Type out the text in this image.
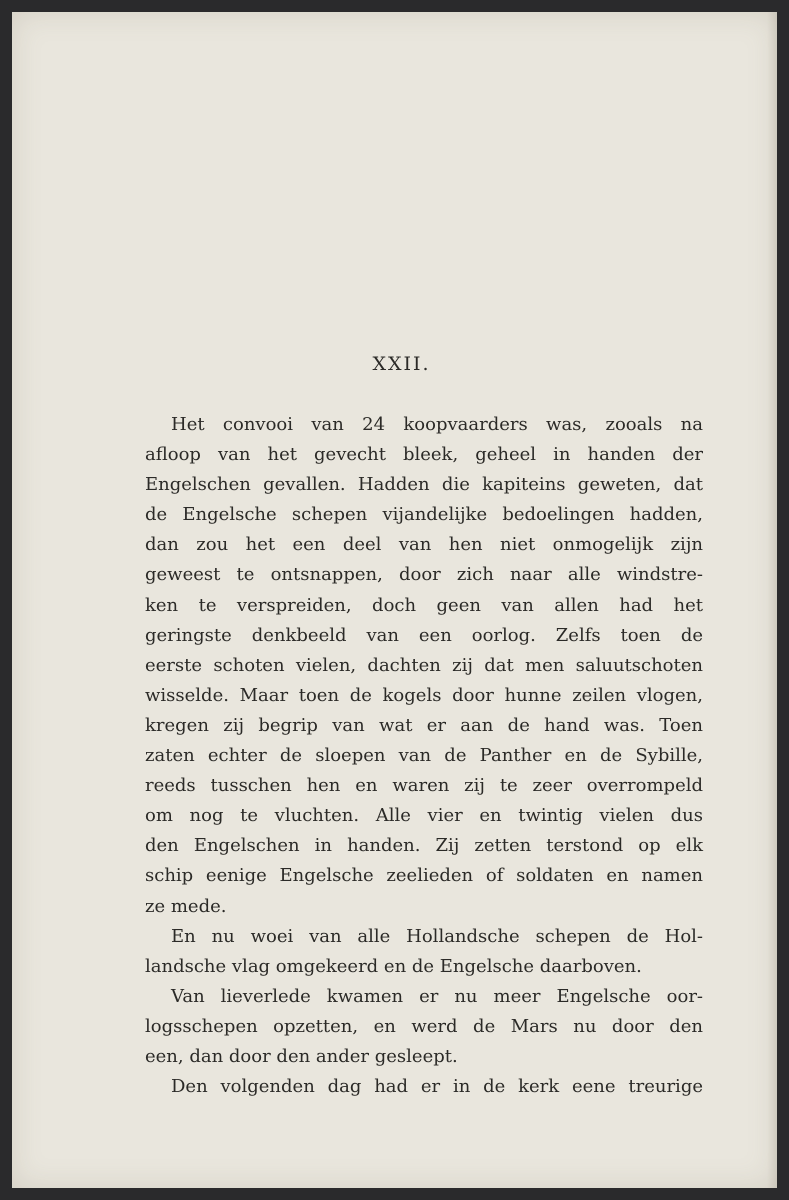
XXII.
Het convooi van 24 koopvaarders was, zooals na
afloop van het gevecht bleek, geheel in handen der
Engelschen gevallen. Hadden die kapiteins geweten, dat
de Engelsche schepen vijandelijke bedoelingen hadden,
dan zou het een deel van hen niet onmogelijk zijn
geweest te ontsnappen, door zich naar alle windstre-
ken te verspreiden, doch geen van allen had het
geringste denkbeeld van een oorlog. Zelfs toen de
eerste schoten vielen, dachten zij dat men saluutschoten
wisselde. Maar toen de kogels door hunne zeilen vlogen,
kregen zij begrip van wat er aan de hand was. Toen
zaten echter de sloepen van de Panther en de Sybille,
reeds tusschen hen en waren zij te zeer overrompeld
om nog te vluchten. Alle vier en twintig vielen dus
den Engelschen in handen. Zij zetten terstond op elk
schip eenige Engelsche zeelieden of soldaten en namen
ze mede.
En nu woei van alle Hollandsche schepen de Hol-
landsche vlag omgekeerd en de Engelsche daarboven.
Van lieverlede kwamen er nu meer Engelsche oor-
logsschepen opzetten, en werd de Mars nu door den
een, dan door den ander gesleept.
Den volgenden dag had er in de kerk eene treurige
